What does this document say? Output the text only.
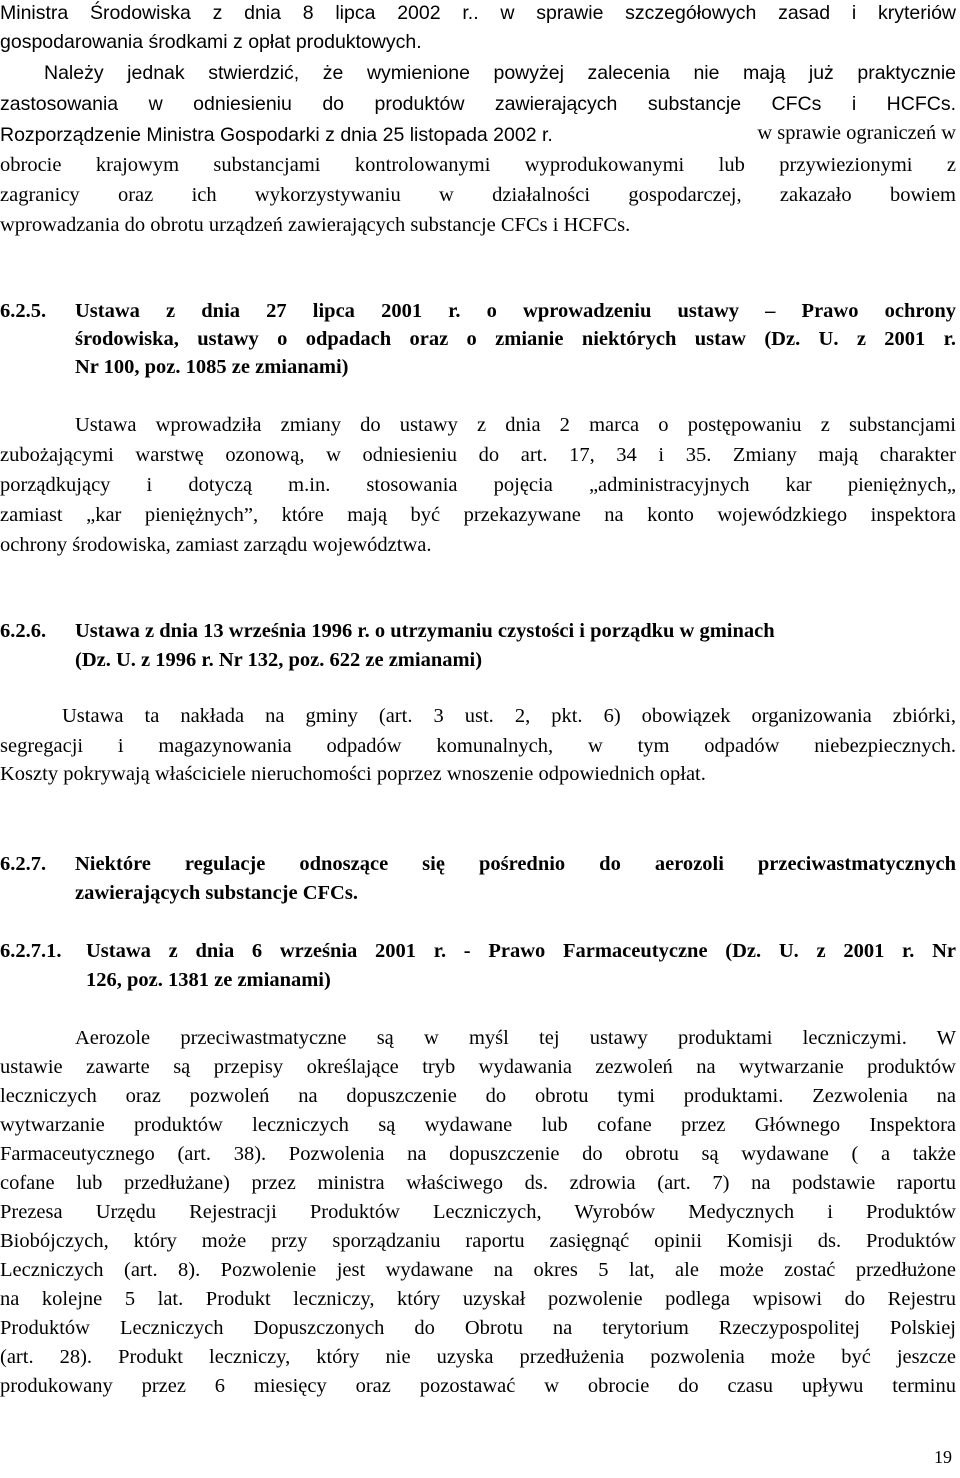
Ministra Środowiska z dnia 8 lipca 2002 r.. w sprawie szczegółowych zasad i kryteriów
gospodarowania środkami z opłat produktowych.
Należy jednak stwierdzić, że wymienione powyżej zalecenia nie mają już praktycznie
zastosowania w odniesieniu do produktów zawierających substancje CFCs i HCFCs.
Rozporządzenie Ministra Gospodarki z dnia 25 listopada 2002 r.	w sprawie ograniczeń w
obrocie krajowym substancjami kontrolowanymi wyprodukowanymi lub przywiezionymi z
zagranicy oraz ich wykorzystywaniu w działalności gospodarczej, zakazało bowiem
wprowadzania do obrotu urządzeń zawierających substancje CFCs i HCFCs.
6.2.5. Ustawa z dnia 27 lipca 2001 r. o wprowadzeniu ustawy – Prawo ochrony
środowiska, ustawy o odpadach oraz o zmianie niektórych ustaw (Dz. U. z 2001 r.
Nr 100, poz. 1085 ze zmianami)
Ustawa wprowadziła zmiany do ustawy z dnia 2 marca o postępowaniu z substancjami
zubożającymi warstwę ozonową, w odniesieniu do art. 17, 34 i 35. Zmiany mają charakter
porządkujący i dotyczą m.in. stosowania pojęcia „administracyjnych kar pieniężnych„
zamiast „kar pieniężnych”, które mają być przekazywane na konto wojewódzkiego inspektora
ochrony środowiska, zamiast zarządu województwa.
6.2.6. Ustawa z dnia 13 września 1996 r. o utrzymaniu czystości i porządku w gminach
(Dz. U. z 1996 r. Nr 132, poz. 622 ze zmianami)
Ustawa ta nakłada na gminy (art. 3 ust. 2, pkt. 6) obowiązek organizowania zbiórki,
segregacji i magazynowania odpadów komunalnych, w tym odpadów niebezpiecznych.
Koszty pokrywają właściciele nieruchomości poprzez wnoszenie odpowiednich opłat.
6.2.7. Niektóre regulacje odnoszące się pośrednio do aerozoli przeciwastmatycznych
zawierających substancje CFCs.
6.2.7.1. Ustawa z dnia 6 września 2001 r. - Prawo Farmaceutyczne (Dz. U. z 2001 r. Nr
126, poz. 1381 ze zmianami)
Aerozole przeciwastmatyczne są w myśl tej ustawy produktami leczniczymi. W
ustawie zawarte są przepisy określające tryb wydawania zezwoleń na wytwarzanie produktów
leczniczych oraz pozwoleń na dopuszczenie do obrotu tymi produktami. Zezwolenia na
wytwarzanie produktów leczniczych są wydawane lub cofane przez Głównego Inspektora
Farmaceutycznego (art. 38). Pozwolenia na dopuszczenie do obrotu są wydawane ( a także
cofane lub przedłużane) przez ministra właściwego ds. zdrowia (art. 7) na podstawie raportu
Prezesa Urzędu Rejestracji Produktów Leczniczych, Wyrobów Medycznych i Produktów
Biobójczych, który może przy sporządzaniu raportu zasięgnąć opinii Komisji ds. Produktów
Leczniczych (art. 8). Pozwolenie jest wydawane na okres 5 lat, ale może zostać przedłużone
na kolejne 5 lat. Produkt leczniczy, który uzyskał pozwolenie podlega wpisowi do Rejestru
Produktów Leczniczych Dopuszczonych do Obrotu na terytorium Rzeczypospolitej Polskiej
(art. 28). Produkt leczniczy, który nie uzyska przedłużenia pozwolenia może być jeszcze
produkowany przez 6 miesięcy oraz pozostawać w obrocie do czasu upływu terminu
19
